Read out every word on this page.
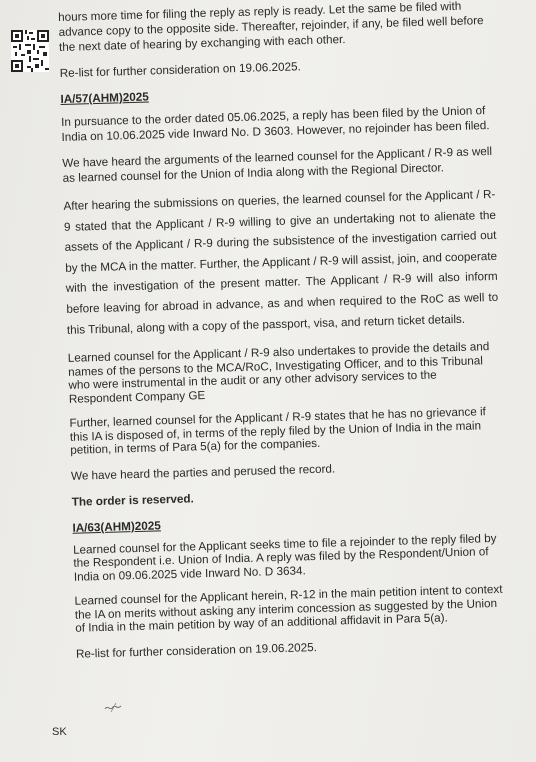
hours more time for filing the reply as reply is ready. Let the same be filed with advance copy to the opposite side. Thereafter, rejoinder, if any, be filed well before the next date of hearing by exchanging with each other.

Re-list for further consideration on 19.06.2025.

IA/57(AHM)2025

In pursuance to the order dated 05.06.2025, a reply has been filed by the Union of India on 10.06.2025 vide Inward No. D 3603. However, no rejoinder has been filed.

We have heard the arguments of the learned counsel for the Applicant / R-9 as well as learned counsel for the Union of India along with the Regional Director.

After hearing the submissions on queries, the learned counsel for the Applicant / R-9 stated that the Applicant / R-9 willing to give an undertaking not to alienate the assets of the Applicant / R-9 during the subsistence of the investigation carried out by the MCA in the matter. Further, the Applicant / R-9 will assist, join, and cooperate with the investigation of the present matter. The Applicant / R-9 will also inform before leaving for abroad in advance, as and when required to the RoC as well to this Tribunal, along with a copy of the passport, visa, and return ticket details.

Learned counsel for the Applicant / R-9 also undertakes to provide the details and names of the persons to the MCA/RoC, Investigating Officer, and to this Tribunal who were instrumental in the audit or any other advisory services to the Respondent Company GE

Further, learned counsel for the Applicant / R-9 states that he has no grievance if this IA is disposed of, in terms of the reply filed by the Union of India in the main petition, in terms of Para 5(a) for the companies.

We have heard the parties and perused the record.

The order is reserved.

IA/63(AHM)2025

Learned counsel for the Applicant seeks time to file a rejoinder to the reply filed by the Respondent i.e. Union of India. A reply was filed by the Respondent/Union of India on 09.06.2025 vide Inward No. D 3634.

Learned counsel for the Applicant herein, R-12 in the main petition intent to context the IA on merits without asking any interim concession as suggested by the Union of India in the main petition by way of an additional affidavit in Para 5(a).

Re-list for further consideration on 19.06.2025.

SK
